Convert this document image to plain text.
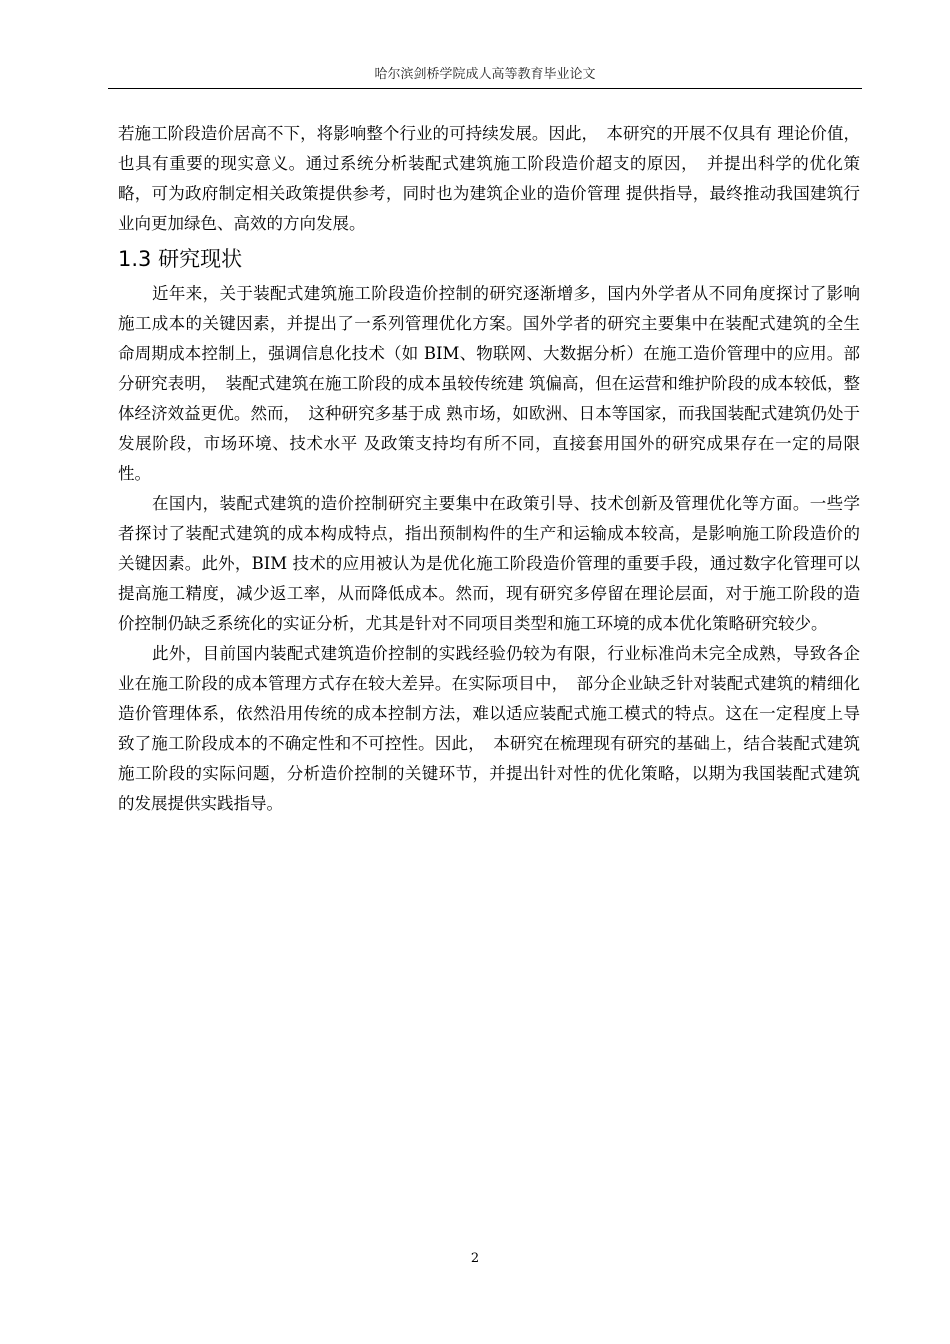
哈尔滨剑桥学院成人高等教育毕业论文

若施工阶段造价居高不下，将影响整个行业的可持续发展。因此，　本研究的开展不仅具有 理论价值，也具有重要的现实意义。通过系统分析装配式建筑施工阶段造价超支的原因，　并提出科学的优化策略，可为政府制定相关政策提供参考，同时也为建筑企业的造价管理 提供指导，最终推动我国建筑行业向更加绿色、高效的方向发展。

1.3 研究现状

近年来，关于装配式建筑施工阶段造价控制的研究逐渐增多，国内外学者从不同角度探讨了影响施工成本的关键因素，并提出了一系列管理优化方案。国外学者的研究主要集中在装配式建筑的全生命周期成本控制上，强调信息化技术（如 BIM、物联网、大数据分析）在施工造价管理中的应用。部分研究表明，　装配式建筑在施工阶段的成本虽较传统建 筑偏高，但在运营和维护阶段的成本较低，整体经济效益更优。然而，　这种研究多基于成 熟市场，如欧洲、日本等国家，而我国装配式建筑仍处于发展阶段，市场环境、技术水平 及政策支持均有所不同，直接套用国外的研究成果存在一定的局限性。

在国内，装配式建筑的造价控制研究主要集中在政策引导、技术创新及管理优化等方面。一些学者探讨了装配式建筑的成本构成特点，指出预制构件的生产和运输成本较高，是影响施工阶段造价的关键因素。此外，BIM 技术的应用被认为是优化施工阶段造价管理的重要手段，通过数字化管理可以提高施工精度，减少返工率，从而降低成本。然而，现有研究多停留在理论层面，对于施工阶段的造价控制仍缺乏系统化的实证分析，尤其是针对不同项目类型和施工环境的成本优化策略研究较少。

此外，目前国内装配式建筑造价控制的实践经验仍较为有限，行业标准尚未完全成熟，导致各企业在施工阶段的成本管理方式存在较大差异。在实际项目中，　部分企业缺乏针对装配式建筑的精细化造价管理体系，依然沿用传统的成本控制方法，难以适应装配式施工模式的特点。这在一定程度上导致了施工阶段成本的不确定性和不可控性。因此，　本研究在梳理现有研究的基础上，结合装配式建筑施工阶段的实际问题，分析造价控制的关键环节，并提出针对性的优化策略，以期为我国装配式建筑的发展提供实践指导。

2
